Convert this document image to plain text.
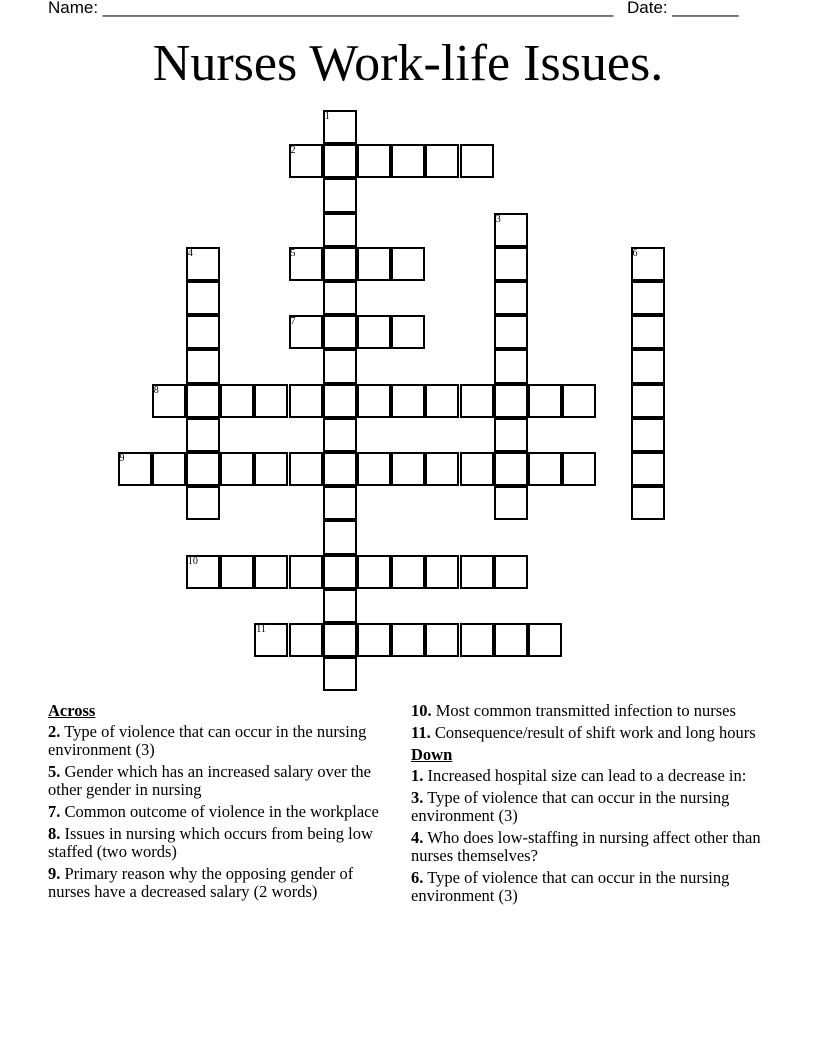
Name: ______________________________________________________ Date: _______
Nurses Work-life Issues.
1
2
3
4	5	6
7
8
9
10
11
Across
2. Type of violence that can occur in the nursing environment (3)
5. Gender which has an increased salary over the other gender in nursing
7. Common outcome of violence in the workplace
8. Issues in nursing which occurs from being low staffed (two words)
9. Primary reason why the opposing gender of nurses have a decreased salary (2 words)
10. Most common transmitted infection to nurses
11. Consequence/result of shift work and long hours
Down
1. Increased hospital size can lead to a decrease in:
3. Type of violence that can occur in the nursing environment (3)
4. Who does low-staffing in nursing affect other than nurses themselves?
6. Type of violence that can occur in the nursing environment (3)
